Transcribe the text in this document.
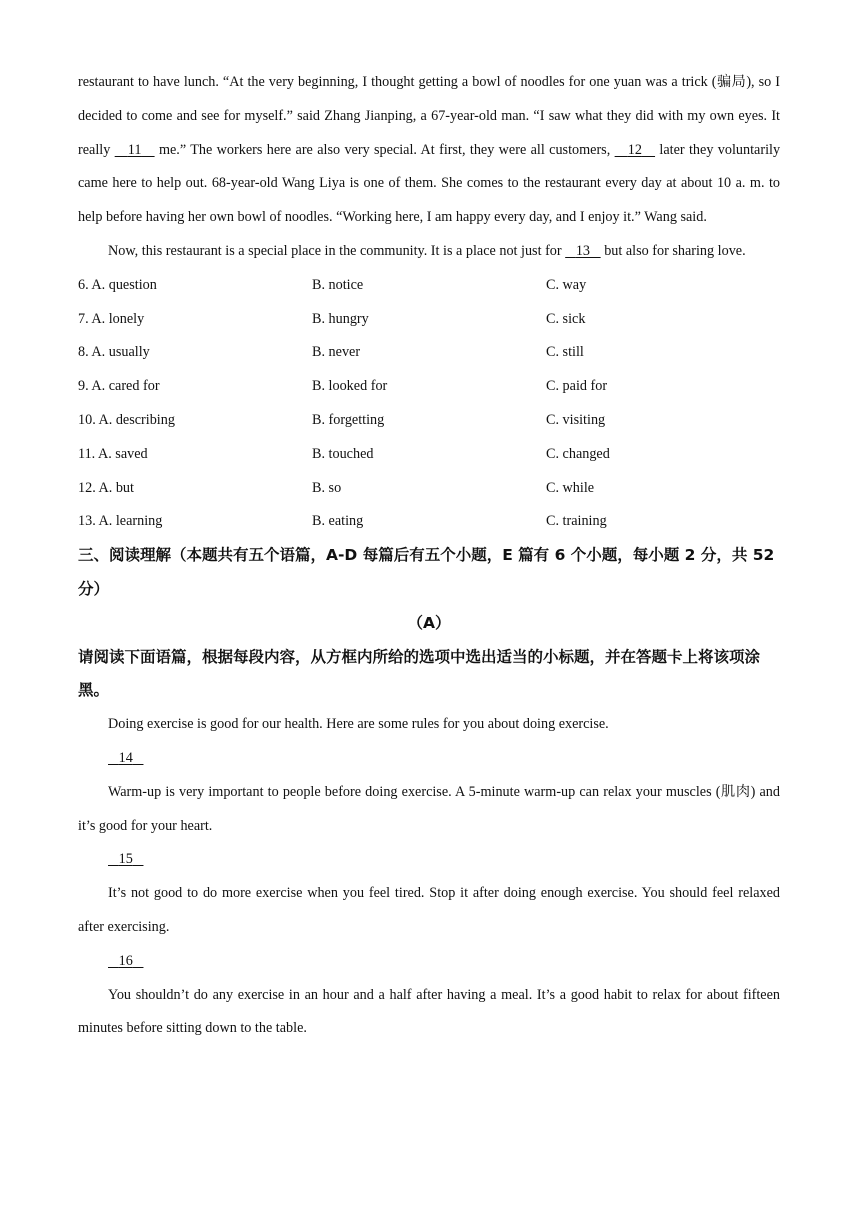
restaurant to have lunch. “At the very beginning, I thought getting a bowl of noodles for one yuan was a trick (骗局), so I decided to come and see for myself.” said Zhang Jianping, a 67-year-old man. “I saw what they did with my own eyes. It really 11 me.” The workers here are also very special. At first, they were all customers, 12 later they voluntarily came here to help out. 68-year-old Wang Liya is one of them. She comes to the restaurant every day at about 10 a. m. to help before having her own bowl of noodles. “Working here, I am happy every day, and I enjoy it.” Wang said.

Now, this restaurant is a special place in the community. It is a place not just for 13 but also for sharing love.

6. A. question	B. notice	C. way
7. A. lonely	B. hungry	C. sick
8. A. usually	B. never	C. still
9. A. cared for	B. looked for	C. paid for
10. A. describing	B. forgetting	C. visiting
11. A. saved	B. touched	C. changed
12. A. but	B. so	C. while
13. A. learning	B. eating	C. training

三、阅读理解（本题共有五个语篇，A-D 每篇后有五个小题，E 篇有 6 个小题，每小题 2 分，共 52 分）

（A）

请阅读下面语篇，根据每段内容，从方框内所给的选项中选出适当的小标题，并在答题卡上将该项涂黑。

Doing exercise is good for our health. Here are some rules for you about doing exercise.

14

Warm-up is very important to people before doing exercise. A 5-minute warm-up can relax your muscles (肌肉) and it’s good for your heart.

15

It’s not good to do more exercise when you feel tired. Stop it after doing enough exercise. You should feel relaxed after exercising.

16

You shouldn’t do any exercise in an hour and a half after having a meal. It’s a good habit to relax for about fifteen minutes before sitting down to the table.
